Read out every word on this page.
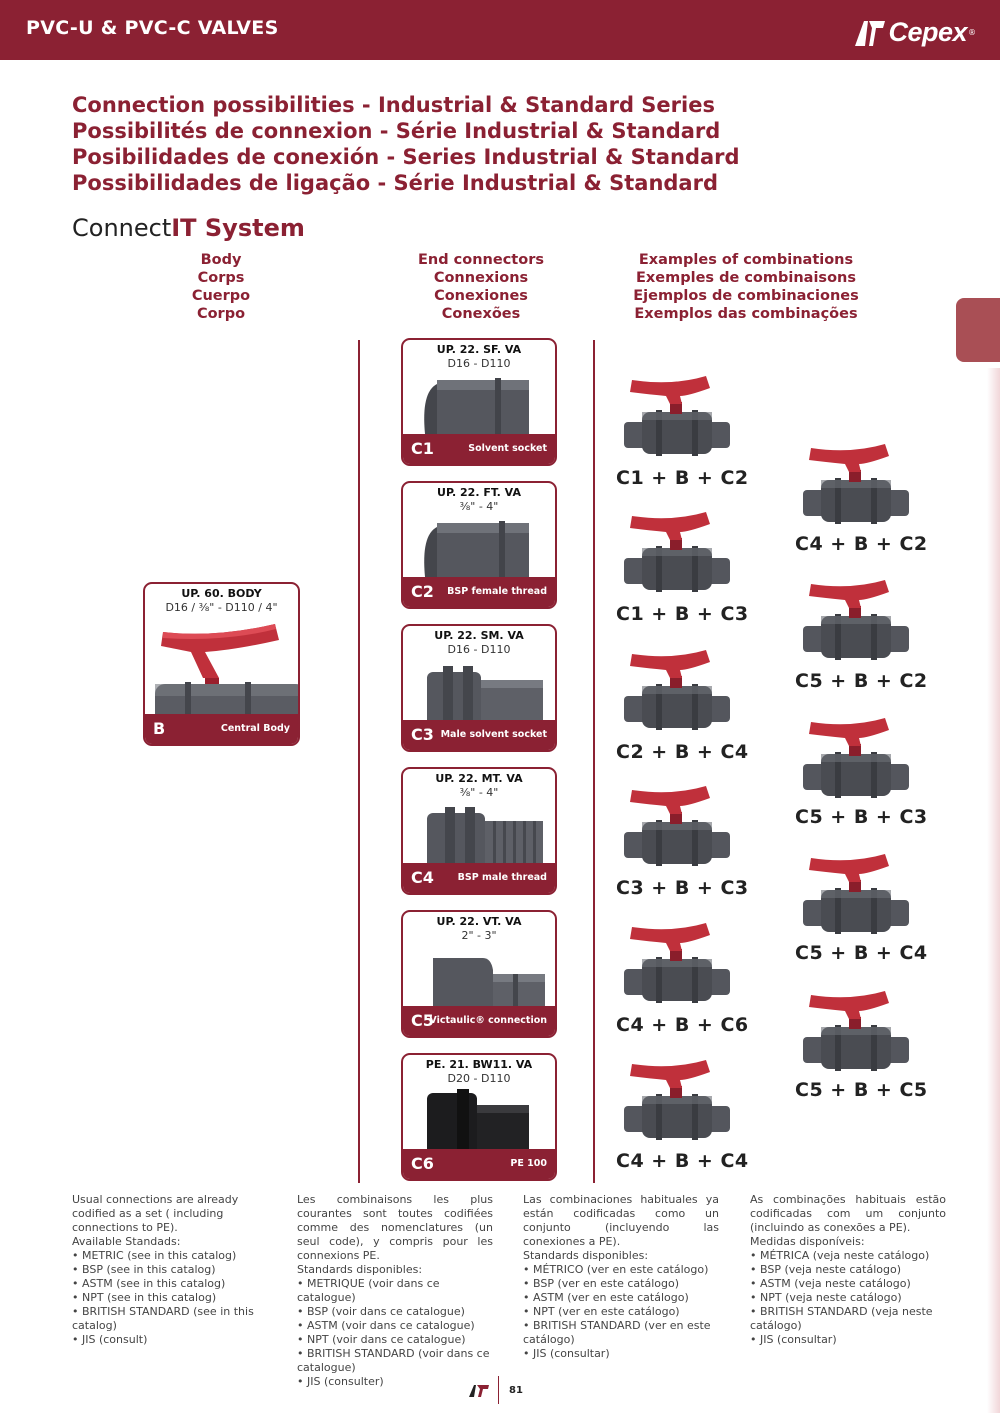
PVC-U & PVC-C VALVES	Cepex ®
Connection possibilities - Industrial & Standard Series
Possibilités de connexion - Série Industrial & Standard
Posibilidades de conexión - Series Industrial & Standard
Possibilidades de ligação - Série Industrial & Standard
ConnectIT System
Body
Corps
Cuerpo
Corpo
End connectors
Connexions
Conexiones
Conexões
Examples of combinations
Exemples de combinaisons
Ejemplos de combinaciones
Exemplos das combinações
UP. 60. BODY
D16 / ⅜" - D110 / 4"
B	Central Body
UP. 22. SF. VA
D16 - D110
C1	Solvent socket
UP. 22. FT. VA
⅜" - 4"
C2 BSP female thread
UP. 22. SM. VA
D16 - D110
C3 Male solvent socket
UP. 22. MT. VA
⅜" - 4"
C4	BSP male thread
UP. 22. VT. VA
2" - 3"
C5
Victaulic® connection
PE. 21. BW11. VA
D20 - D110
C6	PE 100
C1 + B + C2
C1 + B + C3
C2 + B + C4
C3 + B + C3
C4 + B + C6
C4 + B + C4
C4 + B + C2
C5 + B + C2
C5 + B + C3
C5 + B + C4
C5 + B + C5

Usual connections are already codified as a set ( including connections to PE).

Available Standads:

• METRIC (see in this catalog)

• BSP (see in this catalog)

• ASTM (see in this catalog)

• NPT (see in this catalog)

• BRITISH STANDARD (see in this catalog)

• JIS (consult)

Les combinaisons les plus courantes sont toutes codifiées comme des nomenclatures (un seul code), y compris pour les connexions PE.

Standards disponibles:

• METRIQUE (voir dans ce catalogue)

• BSP (voir dans ce catalogue)

• ASTM (voir dans ce catalogue)

• NPT (voir dans ce catalogue)

• BRITISH STANDARD (voir dans ce catalogue)

• JIS (consulter)

Las combinaciones habituales ya están codificadas como un conjunto (incluyendo las conexiones a PE).

Standards disponibles:

• MÉTRICO (ver en este catálogo)

• BSP (ver en este catálogo)

• ASTM (ver en este catálogo)

• NPT (ver en este catálogo)

• BRITISH STANDARD (ver en este catálogo)

• JIS (consultar)

As combinações habituais estão codificadas com um conjunto (incluindo as conexões a PE).

Medidas disponíveis:

• MÉTRICA (veja neste catálogo)

• BSP (veja neste catálogo)

• ASTM (veja neste catálogo)

• NPT (veja neste catálogo)

• BRITISH STANDARD (veja neste catálogo)

• JIS (consultar)

81
